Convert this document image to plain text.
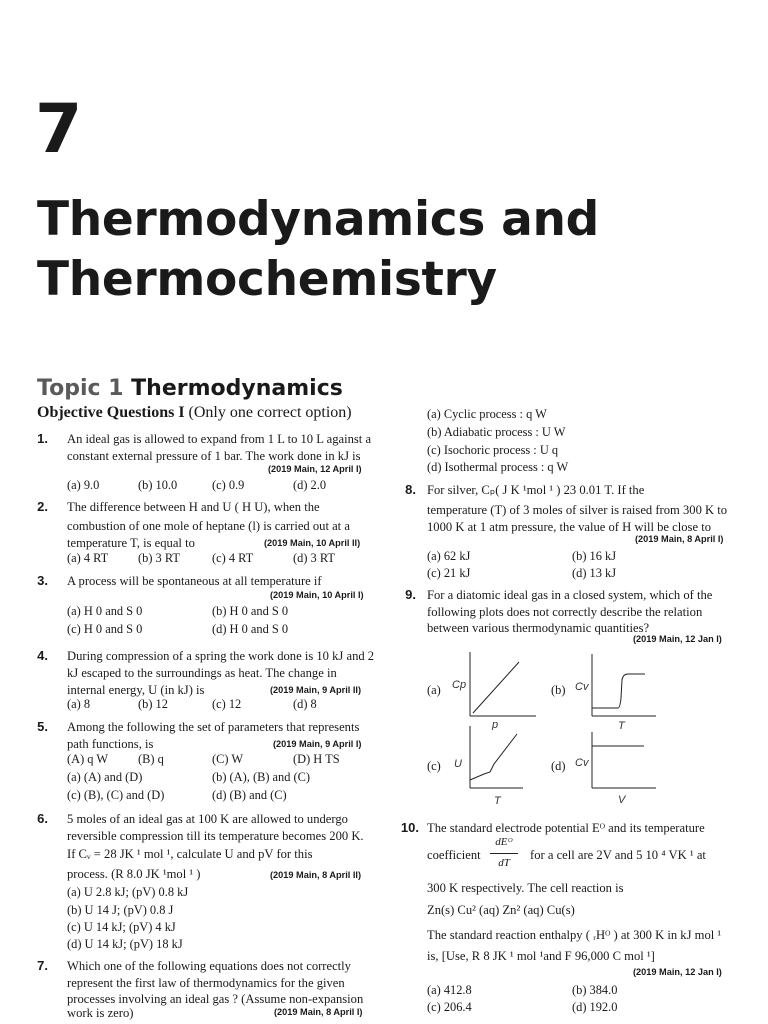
7
Thermodynamics and
Thermochemistry
Topic 1 Thermodynamics
Objective Questions I (Only one correct option)
1. An ideal gas is allowed to expand from 1 L to 10 L against a
constant external pressure of 1 bar. The work done in kJ is
(2019 Main, 12 April I)
(a) 9.0	(b) 10.0	(c) 0.9	(d) 2.0
2. The difference between H and U ( H U), when the
combustion of one mole of heptane (l) is carried out at a
temperature T, is equal to	(2019 Main, 10 April II)
(a) 4 RT (b) 3 RT	(c) 4 RT	(d) 3 RT
3. A process will be spontaneous at all temperature if
(2019 Main, 10 April I)
(a) H 0 and S 0	(b) H 0 and S 0
(c) H 0 and S 0	(d) H 0 and S 0
4. During compression of a spring the work done is 10 kJ and 2
kJ escaped to the surroundings as heat. The change in
internal energy, U (in kJ) is	(2019 Main, 9 April II)
(a) 8	(b) 12	(c) 12	(d) 8
5. Among the following the set of parameters that represents
path functions, is	(2019 Main, 9 April I)
(A) q W (B) q	(C) W	(D) H TS
(a) (A) and (D)	(b) (A), (B) and (C)
(c) (B), (C) and (D)	(d) (B) and (C)
6. 5 moles of an ideal gas at 100 K are allowed to undergo
reversible compression till its temperature becomes 200 K.
If Cᵥ = 28 JK ¹ mol ¹, calculate U and pV for this
process. (R 8.0 JK ¹mol ¹ )	(2019 Main, 8 April II)
(a) U 2.8 kJ; (pV) 0.8 kJ
(b) U 14 J; (pV) 0.8 J
(c) U 14 kJ; (pV) 4 kJ
(d) U 14 kJ; (pV) 18 kJ
7. Which one of the following equations does not correctly
represent the first law of thermodynamics for the given
processes involving an ideal gas ? (Assume non-expansion
work is zero)	(2019 Main, 8 April I)
(a) Cyclic process : q W
(b) Adiabatic process : U W
(c) Isochoric process : U q
(d) Isothermal process : q W
8. For silver, Cₚ( J K ¹mol ¹ ) 23 0.01 T. If the
temperature (T) of 3 moles of silver is raised from 300 K to
1000 K at 1 atm pressure, the value of H will be close to
(2019 Main, 8 April I)
(a) 62 kJ	(b) 16 kJ
(c) 21 kJ	(d) 13 kJ
9. For a diatomic ideal gas in a closed system, which of the
following plots does not correctly describe the relation
between various thermodynamic quantities?
(2019 Main, 12 Jan I)
(a) Cp
p
(b) Cv
T
(c) U
T
(d) Cv
V
10. The standard electrode potential Eᴼ and its temperature
coefficient
dEᴼ
dT
for a cell are 2V and 5 10 ⁴ VK ¹ at
300 K respectively. The cell reaction is
Zn(s) Cu² (aq) Zn² (aq) Cu(s)
The standard reaction enthalpy ( ᵣHᴼ ) at 300 K in kJ mol ¹
is, [Use, R 8 JK ¹ mol ¹and F 96,000 C mol ¹]
(2019 Main, 12 Jan I)
(a) 412.8	(b) 384.0
(c) 206.4	(d) 192.0
